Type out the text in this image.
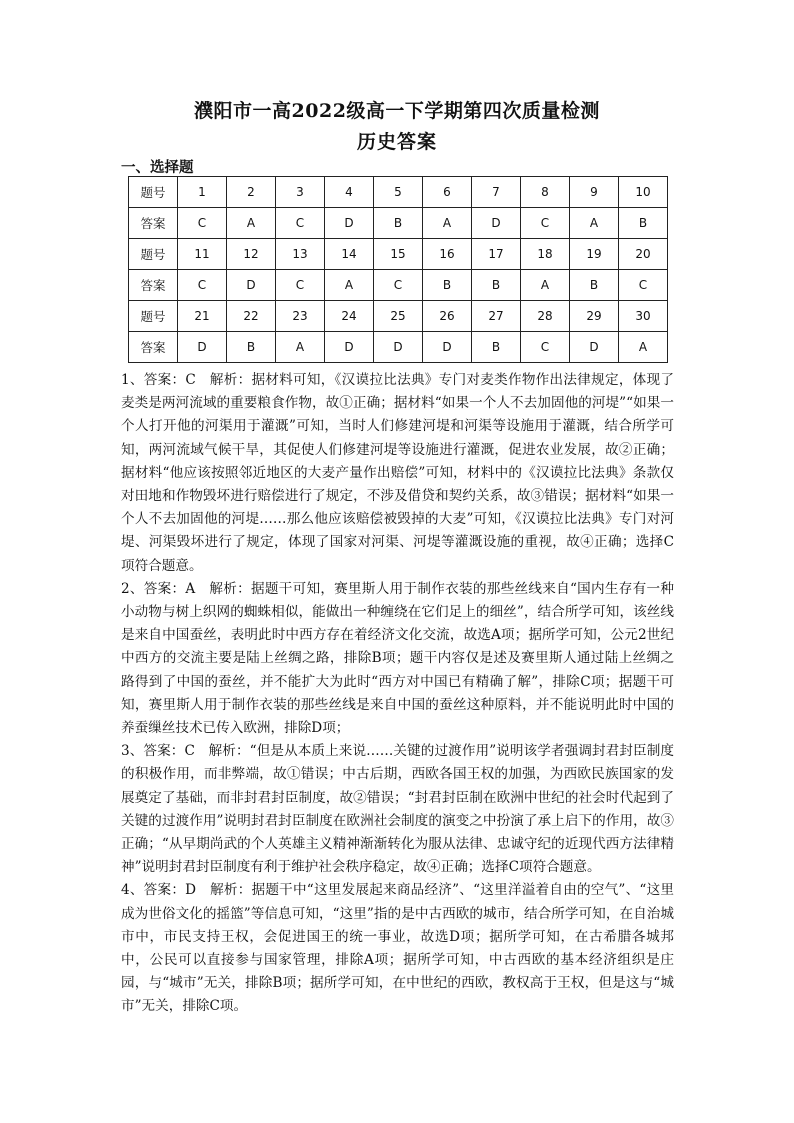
濮阳市一高2022级高一下学期第四次质量检测
历史答案
一、选择题
题号	1	2	3	4	5	6	7	8	9	10
答案	C	A	C	D	B	A	D	C	A	B
题号	11	12	13	14	15	16	17	18	19	20
答案	C	D	C	A	C	B	B	A	B	C
题号	21	22	23	24	25	26	27	28	29	30
答案	D	B	A	D	D	D	B	C	D	A

1、答案：C　解析：据材料可知，《汉谟拉比法典》专门对麦类作物作出法律规定，体现了麦类是两河流域的重要粮食作物，故①正确；据材料“如果一个人不去加固他的河堤”“如果一个人打开他的河渠用于灌溉”可知，当时人们修建河堤和河渠等设施用于灌溉，结合所学可知，两河流域气候干旱，其促使人们修建河堤等设施进行灌溉，促进农业发展，故②正确；据材料“他应该按照邻近地区的大麦产量作出赔偿”可知，材料中的《汉谟拉比法典》条款仅对田地和作物毁坏进行赔偿进行了规定，不涉及借贷和契约关系，故③错误；据材料“如果一个人不去加固他的河堤……那么他应该赔偿被毁掉的大麦”可知，《汉谟拉比法典》专门对河堤、河渠毁坏进行了规定，体现了国家对河渠、河堤等灌溉设施的重视，故④正确；选择C项符合题意。

2、答案：A　解析：据题干可知，赛里斯人用于制作衣装的那些丝线来自“国内生存有一种小动物与树上织网的蜘蛛相似，能做出一种缠绕在它们足上的细丝”，结合所学可知，该丝线是来自中国蚕丝，表明此时中西方存在着经济文化交流，故选A项；据所学可知，公元2世纪中西方的交流主要是陆上丝绸之路，排除B项；题干内容仅是述及赛里斯人通过陆上丝绸之路得到了中国的蚕丝，并不能扩大为此时“西方对中国已有精确了解”，排除C项；据题干可知，赛里斯人用于制作衣装的那些丝线是来自中国的蚕丝这种原料，并不能说明此时中国的养蚕缫丝技术已传入欧洲，排除D项；

3、答案：C　解析：“但是从本质上来说……关键的过渡作用”说明该学者强调封君封臣制度的积极作用，而非弊端，故①错误；中古后期，西欧各国王权的加强，为西欧民族国家的发展奠定了基础，而非封君封臣制度，故②错误；“封君封臣制在欧洲中世纪的社会时代起到了关键的过渡作用”说明封君封臣制度在欧洲社会制度的演变之中扮演了承上启下的作用，故③正确；“从早期尚武的个人英雄主义精神渐渐转化为服从法律、忠诚守纪的近现代西方法律精神”说明封君封臣制度有利于维护社会秩序稳定，故④正确；选择C项符合题意。

4、答案：D　解析：据题干中“这里发展起来商品经济”、“这里洋溢着自由的空气”、“这里成为世俗文化的摇篮”等信息可知，“这里”指的是中古西欧的城市，结合所学可知，在自治城市中，市民支持王权，会促进国王的统一事业，故选D项；据所学可知，在古希腊各城邦中，公民可以直接参与国家管理，排除A项；据所学可知，中古西欧的基本经济组织是庄园，与“城市”无关，排除B项；据所学可知，在中世纪的西欧，教权高于王权，但是这与“城市”无关，排除C项。
